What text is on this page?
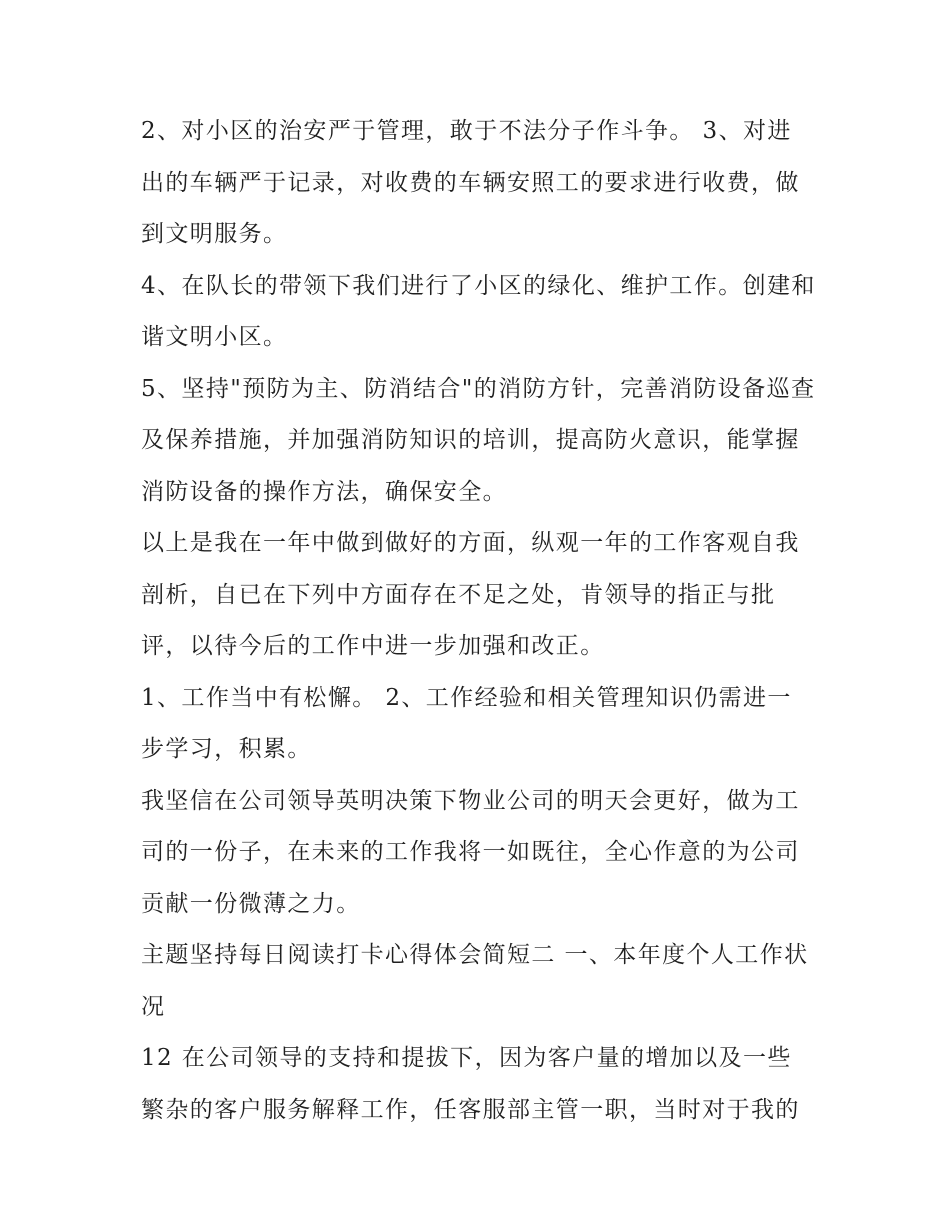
2、对小区的治安严于管理，敢于不法分子作斗争。 3、对进出的车辆严于记录，对收费的车辆安照工的要求进行收费，做到文明服务。

4、在队长的带领下我们进行了小区的绿化、维护工作。创建和谐文明小区。

5、坚持"预防为主、防消结合"的消防方针，完善消防设备巡查及保养措施，并加强消防知识的培训，提高防火意识，能掌握消防设备的操作方法，确保安全。

以上是我在一年中做到做好的方面，纵观一年的工作客观自我剖析，自已在下列中方面存在不足之处，肯领导的指正与批评，以待今后的工作中进一步加强和改正。

1、工作当中有松懈。 2、工作经验和相关管理知识仍需进一步学习，积累。

我坚信在公司领导英明决策下物业公司的明天会更好，做为工司的一份子，在未来的工作我将一如既往，全心作意的为公司贡献一份微薄之力。

主题坚持每日阅读打卡心得体会简短二 一、本年度个人工作状况

12 在公司领导的支持和提拔下，因为客户量的增加以及一些繁杂的客户服务解释工作，任客服部主管一职，当时对于我的
